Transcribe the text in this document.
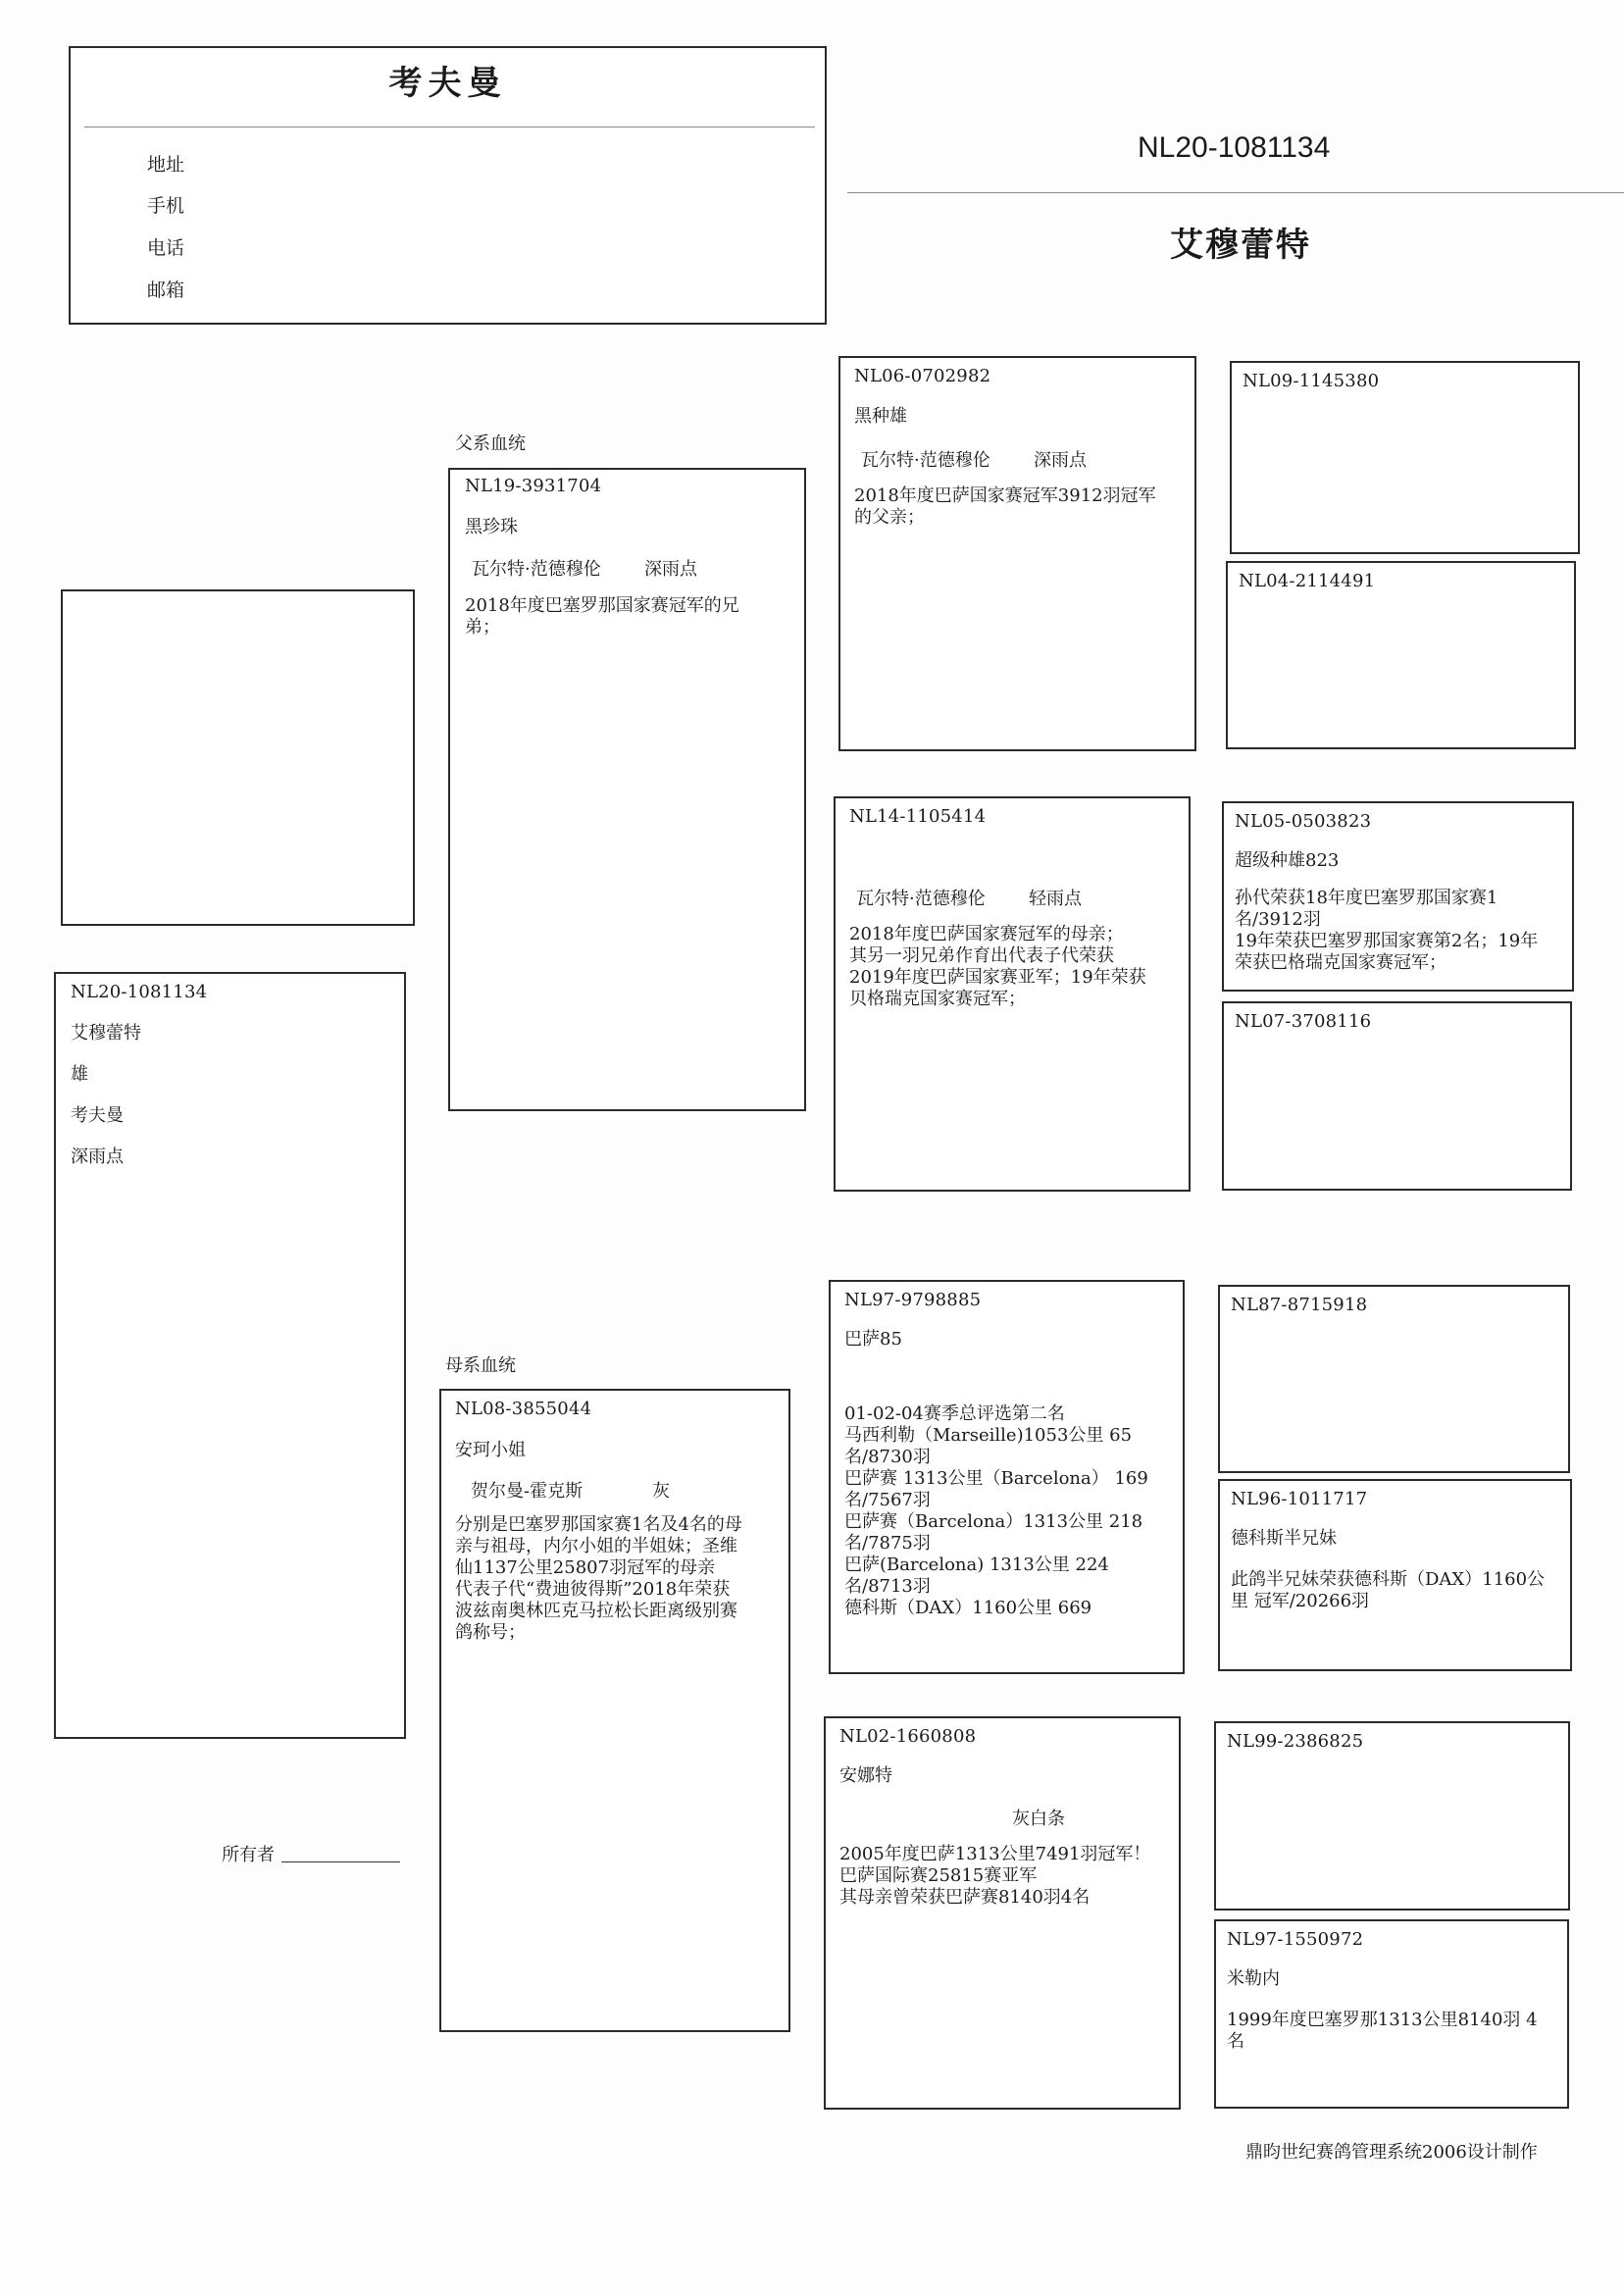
考夫曼
地址
手机
电话
邮箱
NL20-1081134
艾穆蕾特
NL20-1081134
艾穆蕾特
雄
考夫曼
深雨点
所有者
父系血统
NL19-3931704
黑珍珠
瓦尔特·范德穆伦 深雨点
2018年度巴塞罗那国家赛冠军的兄
弟；
母系血统
NL08-3855044
安珂小姐
贺尔曼-霍克斯	灰
分别是巴塞罗那国家赛1名及4名的母
亲与祖母，内尔小姐的半姐妹；圣维
仙1137公里25807羽冠军的母亲
代表子代“费迪彼得斯”2018年荣获
波兹南奥林匹克马拉松长距离级别赛
鸽称号；
NL06-0702982
黑种雄
瓦尔特·范德穆伦 深雨点
2018年度巴萨国家赛冠军3912羽冠军
的父亲；
NL14-1105414
瓦尔特·范德穆伦 轻雨点
2018年度巴萨国家赛冠军的母亲；
其另一羽兄弟作育出代表子代荣获
2019年度巴萨国家赛亚军；19年荣获
贝格瑞克国家赛冠军；
NL97-9798885
巴萨85
01-02-04赛季总评选第二名
马西利勒（Marseille)1053公里 65
名/8730羽
巴萨赛 1313公里（Barcelona） 169
名/7567羽
巴萨赛（Barcelona）1313公里 218
名/7875羽
巴萨(Barcelona) 1313公里 224
名/8713羽
德科斯（DAX）1160公里 669
NL02-1660808
安娜特
灰白条
2005年度巴萨1313公里7491羽冠军！
巴萨国际赛25815赛亚军
其母亲曾荣获巴萨赛8140羽4名
NL09-1145380
NL04-2114491
NL05-0503823
超级种雄823
孙代荣获18年度巴塞罗那国家赛1
名/3912羽
19年荣获巴塞罗那国家赛第2名；19年
荣获巴格瑞克国家赛冠军；
NL07-3708116
NL87-8715918
NL96-1011717
德科斯半兄妹
此鸽半兄妹荣获德科斯（DAX）1160公
里 冠军/20266羽
NL99-2386825
NL97-1550972
米勒内
1999年度巴塞罗那1313公里8140羽 4
名
鼎昀世纪赛鸽管理系统2006设计制作
